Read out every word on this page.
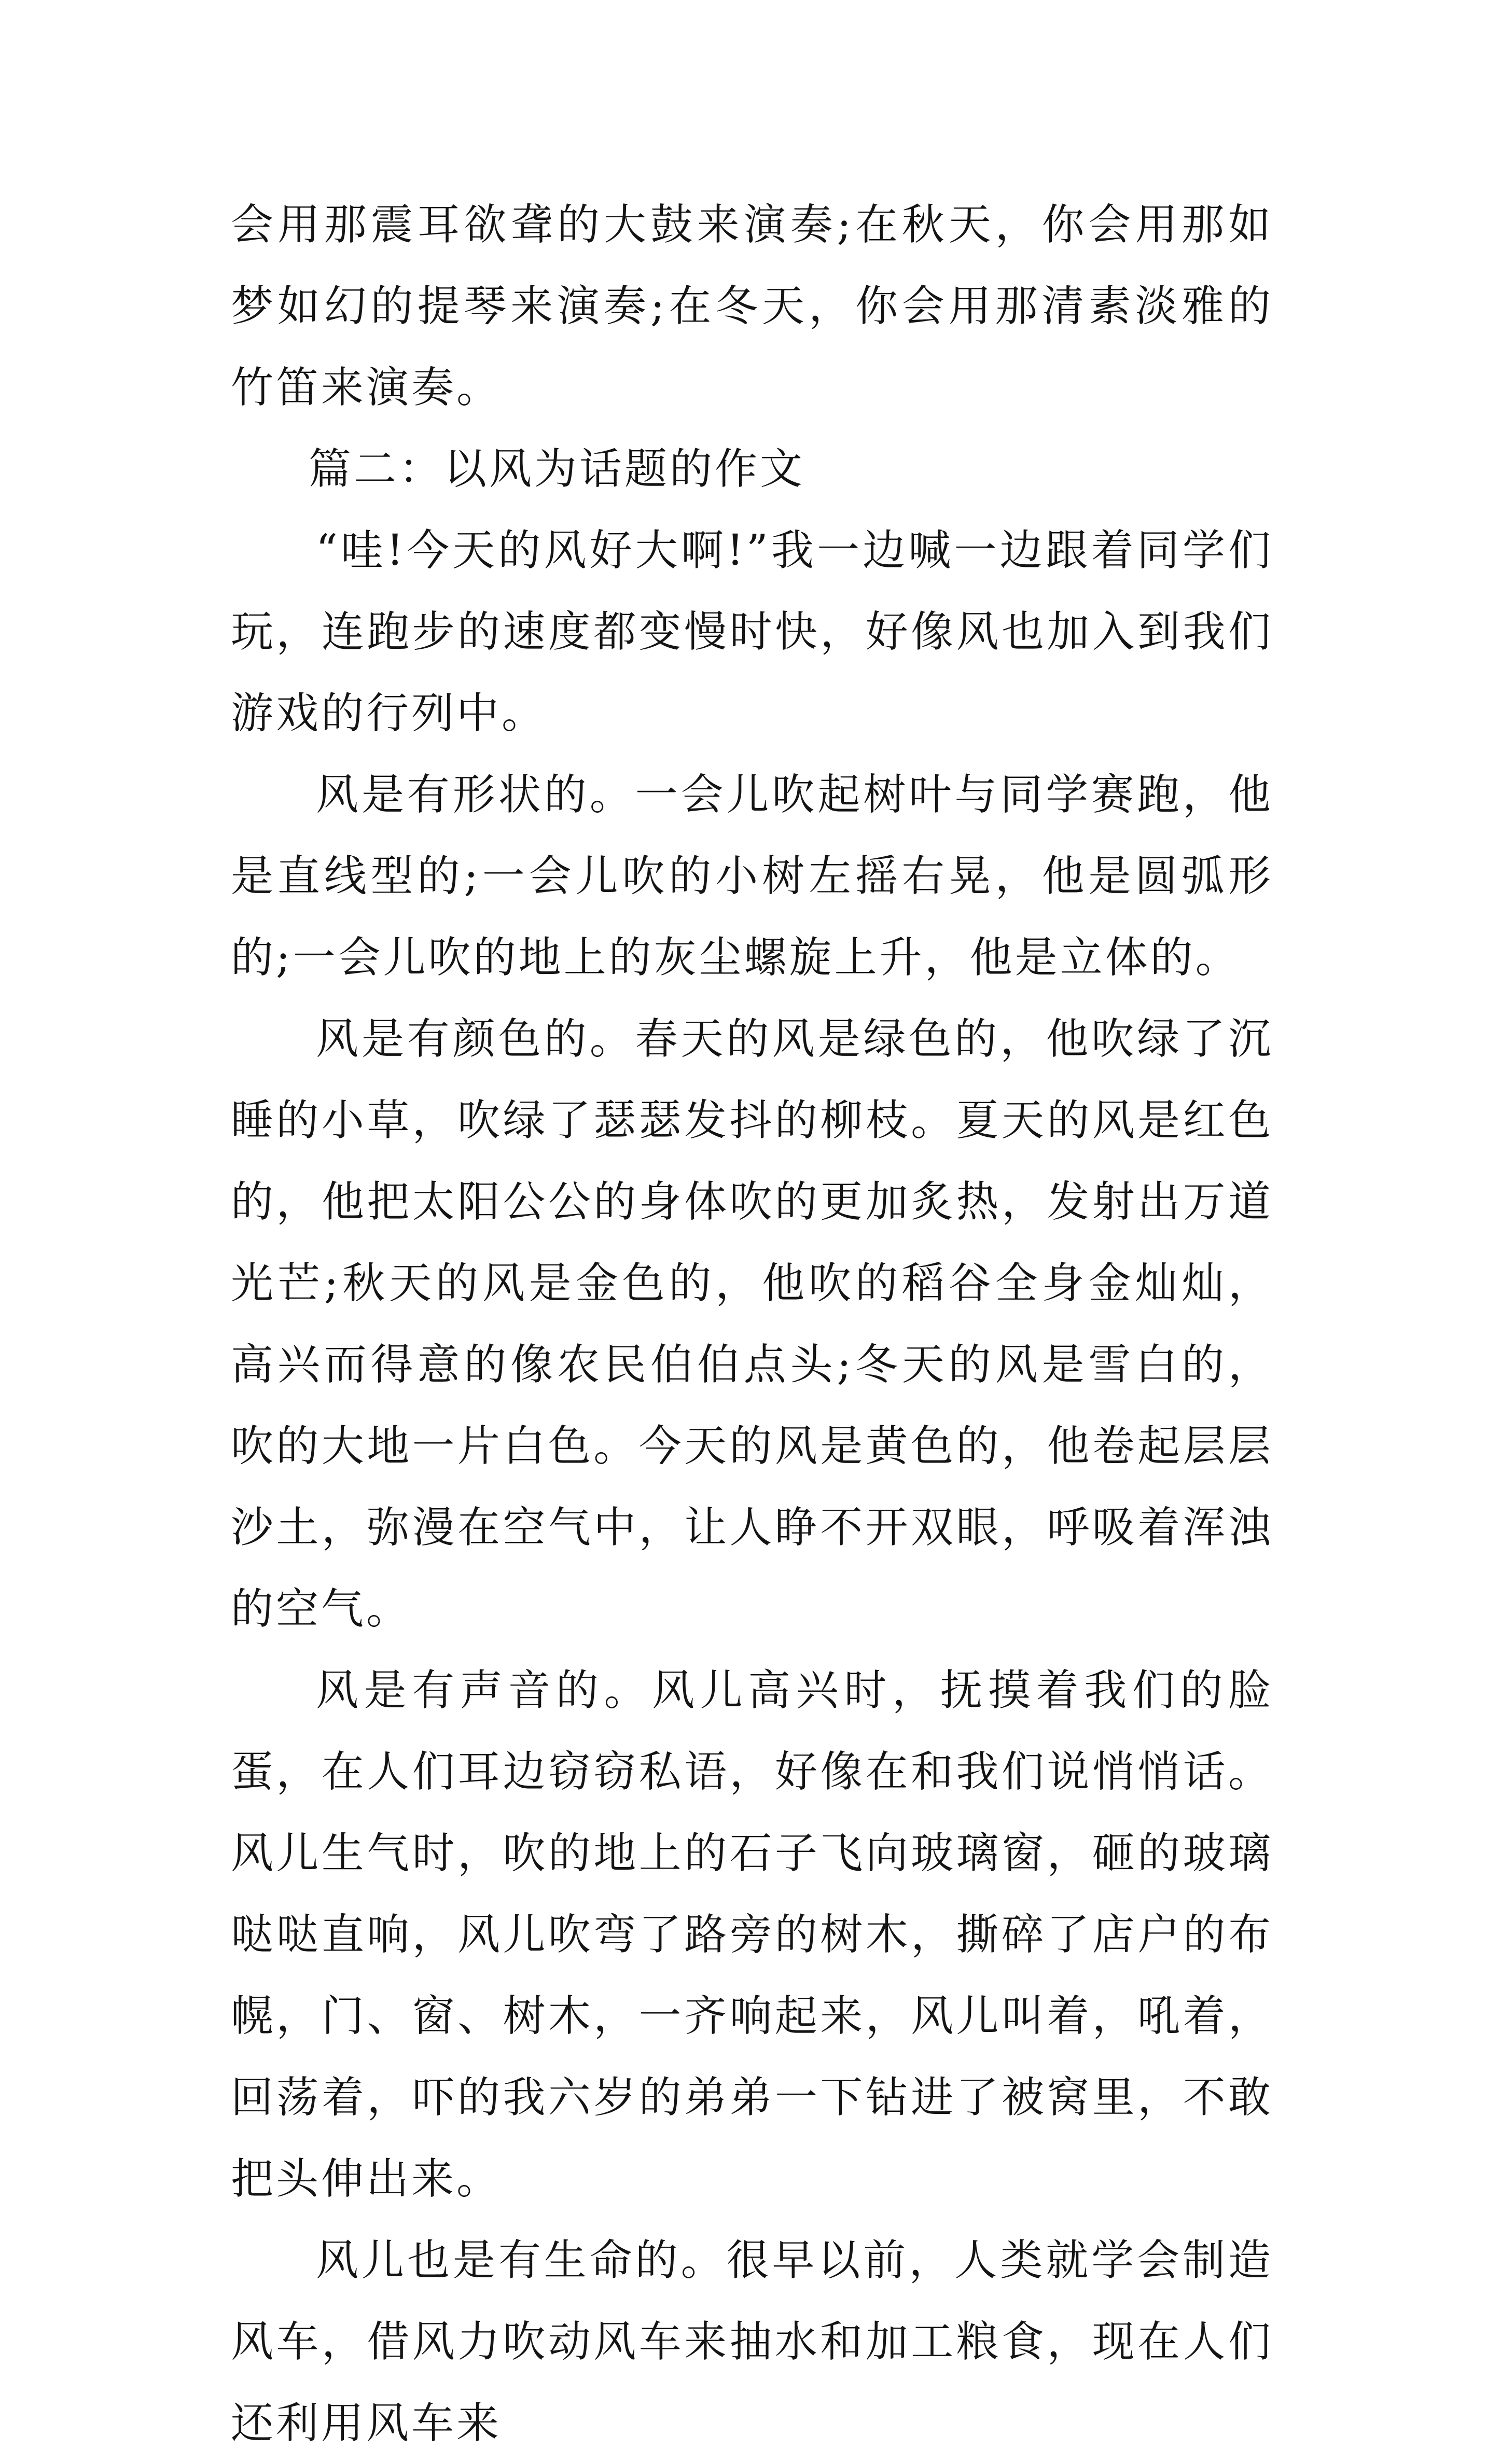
会用那震耳欲聋的大鼓来演奏;在秋天，你会用那如梦如幻的提琴来演奏;在冬天，你会用那清素淡雅的竹笛来演奏。

篇二：以风为话题的作文

“哇!今天的风好大啊!”我一边喊一边跟着同学们玩，连跑步的速度都变慢时快，好像风也加入到我们游戏的行列中。

风是有形状的。一会儿吹起树叶与同学赛跑，他是直线型的;一会儿吹的小树左摇右晃，他是圆弧形的;一会儿吹的地上的灰尘螺旋上升，他是立体的。

风是有颜色的。春天的风是绿色的，他吹绿了沉睡的小草，吹绿了瑟瑟发抖的柳枝。夏天的风是红色的，他把太阳公公的身体吹的更加炙热，发射出万道光芒;秋天的风是金色的，他吹的稻谷全身金灿灿，高兴而得意的像农民伯伯点头;冬天的风是雪白的，吹的大地一片白色。今天的风是黄色的，他卷起层层沙土，弥漫在空气中，让人睁不开双眼，呼吸着浑浊的空气。

风是有声音的。风儿高兴时，抚摸着我们的脸蛋，在人们耳边窃窃私语，好像在和我们说悄悄话。风儿生气时，吹的地上的石子飞向玻璃窗，砸的玻璃哒哒直响，风儿吹弯了路旁的树木，撕碎了店户的布幌，门、窗、树木，一齐响起来，风儿叫着，吼着，回荡着，吓的我六岁的弟弟一下钻进了被窝里，不敢把头伸出来。

风儿也是有生命的。很早以前，人类就学会制造风车，借风力吹动风车来抽水和加工粮食，现在人们还利用风车来
